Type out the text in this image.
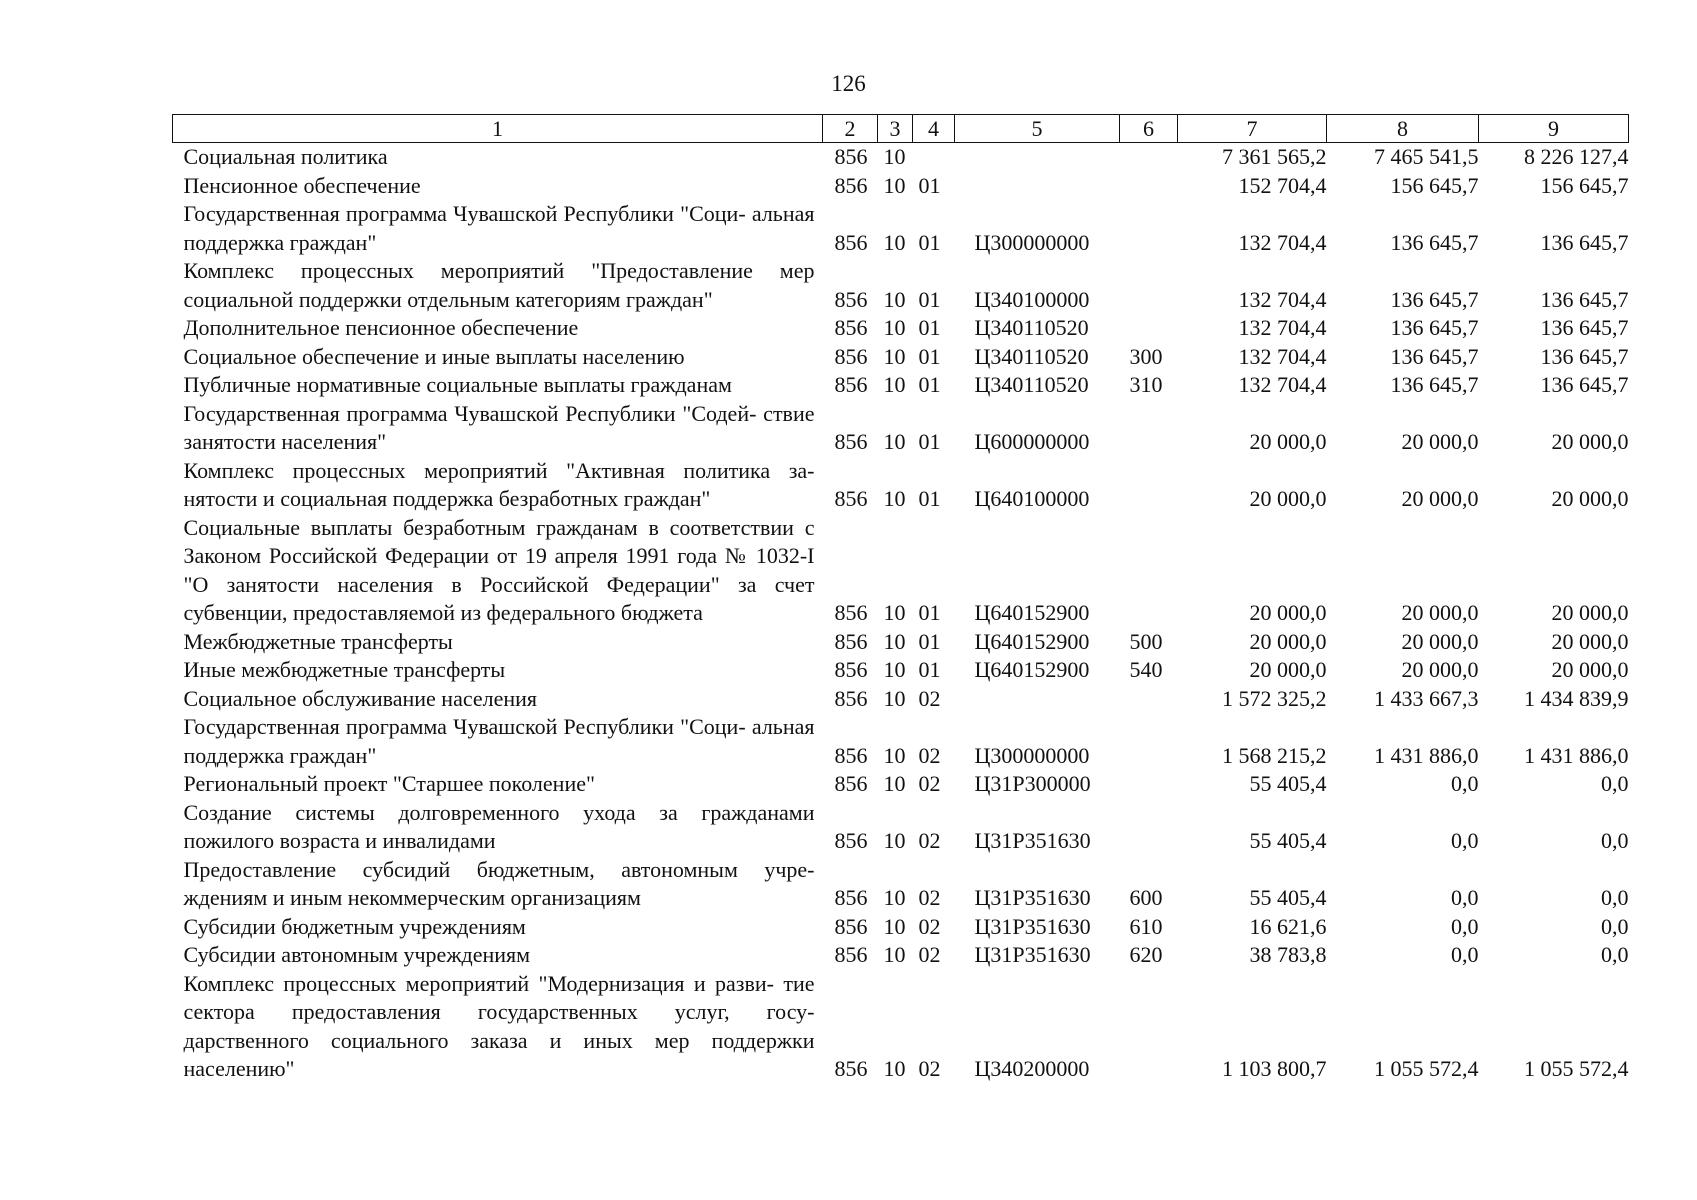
126
1	2	3	4	5	6	7	8	9
Социальная политика	856	10				7 361 565,2	7 465 541,5	8 226 127,4
Пенсионное обеспечение	856	10	01			152 704,4	156 645,7	156 645,7
Государственная программа Чувашской Республики "Соци- альная поддержка граждан"	856	10	01	Ц300000000		132 704,4	136 645,7	136 645,7
Комплекс процессных мероприятий "Предоставление мер социальной поддержки отдельным категориям граждан"	856	10	01	Ц340100000		132 704,4	136 645,7	136 645,7
Дополнительное пенсионное обеспечение	856	10	01	Ц340110520		132 704,4	136 645,7	136 645,7
Социальное обеспечение и иные выплаты населению	856	10	01	Ц340110520	300	132 704,4	136 645,7	136 645,7
Публичные нормативные социальные выплаты гражданам	856	10	01	Ц340110520	310	132 704,4	136 645,7	136 645,7
Государственная программа Чувашской Республики "Содей- ствие занятости населения"	856	10	01	Ц600000000		20 000,0	20 000,0	20 000,0
Комплекс процессных мероприятий "Активная политика за- нятости и социальная поддержка безработных граждан"	856	10	01	Ц640100000		20 000,0	20 000,0	20 000,0
Социальные выплаты безработным гражданам в соответствии с Законом Российской Федерации от 19 апреля 1991 года № 1032-I "О занятости населения в Российской Федерации" за счет субвенции, предоставляемой из федерального бюджета	856	10	01	Ц640152900		20 000,0	20 000,0	20 000,0
Межбюджетные трансферты	856	10	01	Ц640152900	500	20 000,0	20 000,0	20 000,0
Иные межбюджетные трансферты	856	10	01	Ц640152900	540	20 000,0	20 000,0	20 000,0
Социальное обслуживание населения	856	10	02			1 572 325,2	1 433 667,3	1 434 839,9
Государственная программа Чувашской Республики "Соци- альная поддержка граждан"	856	10	02	Ц300000000		1 568 215,2	1 431 886,0	1 431 886,0
Региональный проект "Старшее поколение"	856	10	02	Ц31Р300000		55 405,4	0,0	0,0
Создание системы долговременного ухода за гражданами пожилого возраста и инвалидами	856	10	02	Ц31Р351630		55 405,4	0,0	0,0
Предоставление субсидий бюджетным, автономным учре- ждениям и иным некоммерческим организациям	856	10	02	Ц31Р351630	600	55 405,4	0,0	0,0
Субсидии бюджетным учреждениям	856	10	02	Ц31Р351630	610	16 621,6	0,0	0,0
Субсидии автономным учреждениям	856	10	02	Ц31Р351630	620	38 783,8	0,0	0,0
Комплекс процессных мероприятий "Модернизация и разви- тие сектора предоставления государственных услуг, госу- дарственного социального заказа и иных мер поддержки населению"	856	10	02	Ц340200000		1 103 800,7	1 055 572,4	1 055 572,4
